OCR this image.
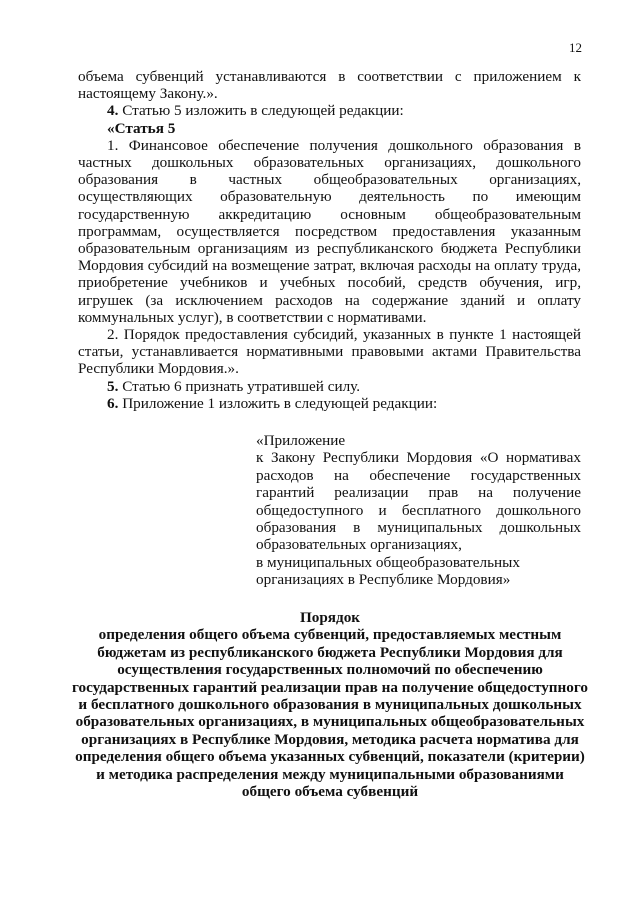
12

объема субвенций устанавливаются в соответствии с приложением к настоящему Закону.».

4. Статью 5 изложить в следующей редакции:

«Статья 5

1. Финансовое обеспечение получения дошкольного образования в частных дошкольных образовательных организациях, дошкольного образования в частных общеобразовательных организациях, осуществляющих образовательную деятельность по имеющим государственную аккредитацию основным общеобразовательным программам, осуществляется посредством предоставления указанным образовательным организациям из республиканского бюджета Республики Мордовия субсидий на возмещение затрат, включая расходы на оплату труда, приобретение учебников и учебных пособий, средств обучения, игр, игрушек (за исключением расходов на содержание зданий и оплату коммунальных услуг), в соответствии с нормативами.

2. Порядок предоставления субсидий, указанных в пункте 1 настоящей статьи, устанавливается нормативными правовыми актами Правительства Республики Мордовия.».

5. Статью 6 признать утратившей силу.

6. Приложение 1 изложить в следующей редакции:

«Приложение

к Закону Республики Мордовия «О нормативах расходов на обеспечение государственных гарантий реализации прав на получение общедоступного и бесплатного дошкольного образования в муниципальных дошкольных образовательных организациях,

в муниципальных общеобразовательных организациях в Республике Мордовия»

Порядок

определения общего объема субвенций, предоставляемых местным бюджетам из республиканского бюджета Республики Мордовия для осуществления государственных полномочий по обеспечению государственных гарантий реализации прав на получение общедоступного и бесплатного дошкольного образования в муниципальных дошкольных образовательных организациях, в муниципальных общеобразовательных организациях в Республике Мордовия, методика расчета норматива для определения общего объема указанных субвенций, показатели (критерии) и методика распределения между муниципальными образованиями общего объема субвенций
